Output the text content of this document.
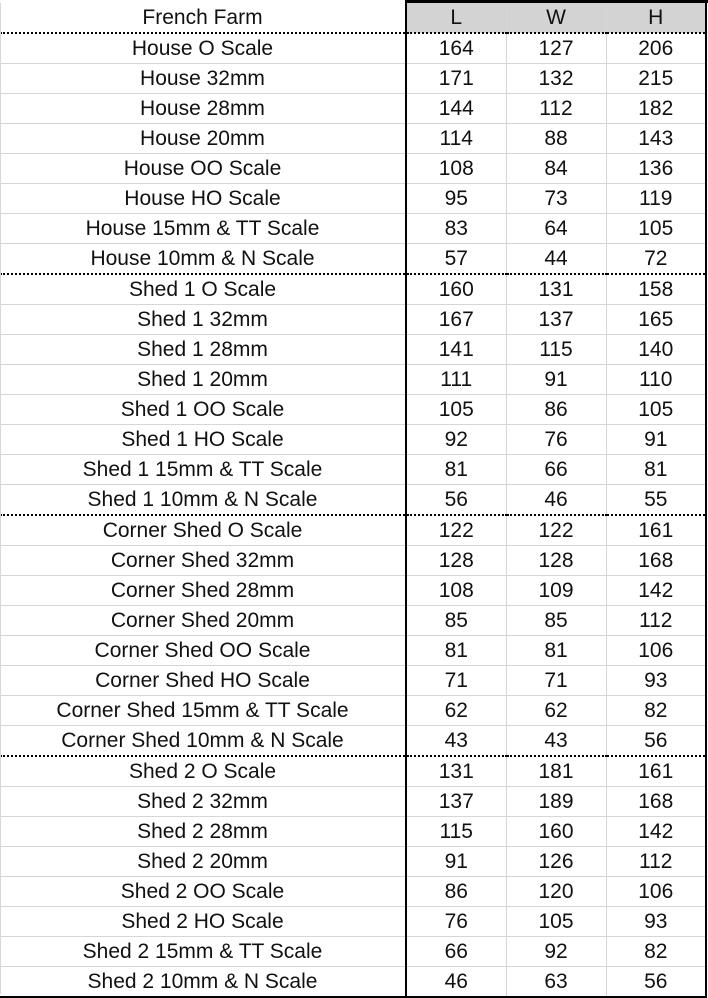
French Farm	L	W	H
House O Scale	164	127	206
House 32mm	171	132	215
House 28mm	144	112	182
House 20mm	114	88	143
House OO Scale	108	84	136
House HO Scale	95	73	119
House 15mm & TT Scale	83	64	105
House 10mm & N Scale	57	44	72
Shed 1 O Scale	160	131	158
Shed 1 32mm	167	137	165
Shed 1 28mm	141	115	140
Shed 1 20mm	111	91	110
Shed 1 OO Scale	105	86	105
Shed 1 HO Scale	92	76	91
Shed 1 15mm & TT Scale	81	66	81
Shed 1 10mm & N Scale	56	46	55
Corner Shed O Scale	122	122	161
Corner Shed 32mm	128	128	168
Corner Shed 28mm	108	109	142
Corner Shed 20mm	85	85	112
Corner Shed OO Scale	81	81	106
Corner Shed HO Scale	71	71	93
Corner Shed 15mm & TT Scale	62	62	82
Corner Shed 10mm & N Scale	43	43	56
Shed 2 O Scale	131	181	161
Shed 2 32mm	137	189	168
Shed 2 28mm	115	160	142
Shed 2 20mm	91	126	112
Shed 2 OO Scale	86	120	106
Shed 2 HO Scale	76	105	93
Shed 2 15mm & TT Scale	66	92	82
Shed 2 10mm & N Scale	46	63	56
